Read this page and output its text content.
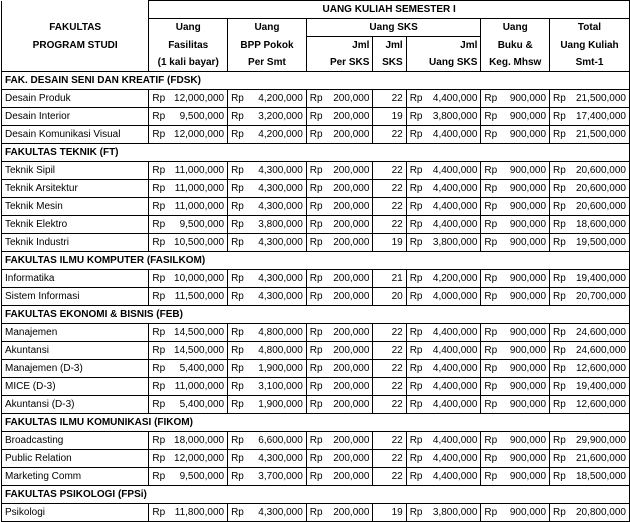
	UANG KULIAH SEMESTER I												
FAKULTAS	Uang		Uang		Uang SKS					Uang		Total	
PROGRAM STUDI	Fasilitas		BPP Pokok		Jml		Jml	Jml		Buku &		Uang Kuliah	
	(1 kali bayar)		Per Smt		Per SKS		SKS	Uang SKS		Keg. Mhsw		Smt-1	
FAK. DESAIN SENI DAN KREATIF (FDSK)													
Desain Produk	Rp	12,000,000	Rp	4,200,000	Rp	200,000	22	Rp	4,400,000	Rp	900,000	Rp	21,500,000
Desain Interior	Rp	9,500,000	Rp	3,200,000	Rp	200,000	19	Rp	3,800,000	Rp	900,000	Rp	17,400,000
Desain Komunikasi Visual	Rp	12,000,000	Rp	4,200,000	Rp	200,000	22	Rp	4,400,000	Rp	900,000	Rp	21,500,000
FAKULTAS TEKNIK (FT)													
Teknik Sipil	Rp	11,000,000	Rp	4,300,000	Rp	200,000	22	Rp	4,400,000	Rp	900,000	Rp	20,600,000
Teknik Arsitektur	Rp	11,000,000	Rp	4,300,000	Rp	200,000	22	Rp	4,400,000	Rp	900,000	Rp	20,600,000
Teknik Mesin	Rp	11,000,000	Rp	4,300,000	Rp	200,000	22	Rp	4,400,000	Rp	900,000	Rp	20,600,000
Teknik Elektro	Rp	9,500,000	Rp	3,800,000	Rp	200,000	22	Rp	4,400,000	Rp	900,000	Rp	18,600,000
Teknik Industri	Rp	10,500,000	Rp	4,300,000	Rp	200,000	19	Rp	3,800,000	Rp	900,000	Rp	19,500,000
FAKULTAS ILMU KOMPUTER (FASILKOM)													
Informatika	Rp	10,000,000	Rp	4,300,000	Rp	200,000	21	Rp	4,200,000	Rp	900,000	Rp	19,400,000
Sistem Informasi	Rp	11,500,000	Rp	4,300,000	Rp	200,000	20	Rp	4,000,000	Rp	900,000	Rp	20,700,000
FAKULTAS EKONOMI & BISNIS (FEB)													
Manajemen	Rp	14,500,000	Rp	4,800,000	Rp	200,000	22	Rp	4,400,000	Rp	900,000	Rp	24,600,000
Akuntansi	Rp	14,500,000	Rp	4,800,000	Rp	200,000	22	Rp	4,400,000	Rp	900,000	Rp	24,600,000
Manajemen (D-3)	Rp	5,400,000	Rp	1,900,000	Rp	200,000	22	Rp	4,400,000	Rp	900,000	Rp	12,600,000
MICE (D-3)	Rp	11,000,000	Rp	3,100,000	Rp	200,000	22	Rp	4,400,000	Rp	900,000	Rp	19,400,000
Akuntansi (D-3)	Rp	5,400,000	Rp	1,900,000	Rp	200,000	22	Rp	4,400,000	Rp	900,000	Rp	12,600,000
FAKULTAS ILMU KOMUNIKASI (FIKOM)													
Broadcasting	Rp	18,000,000	Rp	6,600,000	Rp	200,000	22	Rp	4,400,000	Rp	900,000	Rp	29,900,000
Public Relation	Rp	12,000,000	Rp	4,300,000	Rp	200,000	22	Rp	4,400,000	Rp	900,000	Rp	21,600,000
Marketing Comm	Rp	9,500,000	Rp	3,700,000	Rp	200,000	22	Rp	4,400,000	Rp	900,000	Rp	18,500,000
FAKULTAS PSIKOLOGI (FPSi)													
Psikologi	Rp	11,800,000	Rp	4,300,000	Rp	200,000	19	Rp	3,800,000	Rp	900,000	Rp	20,800,000
